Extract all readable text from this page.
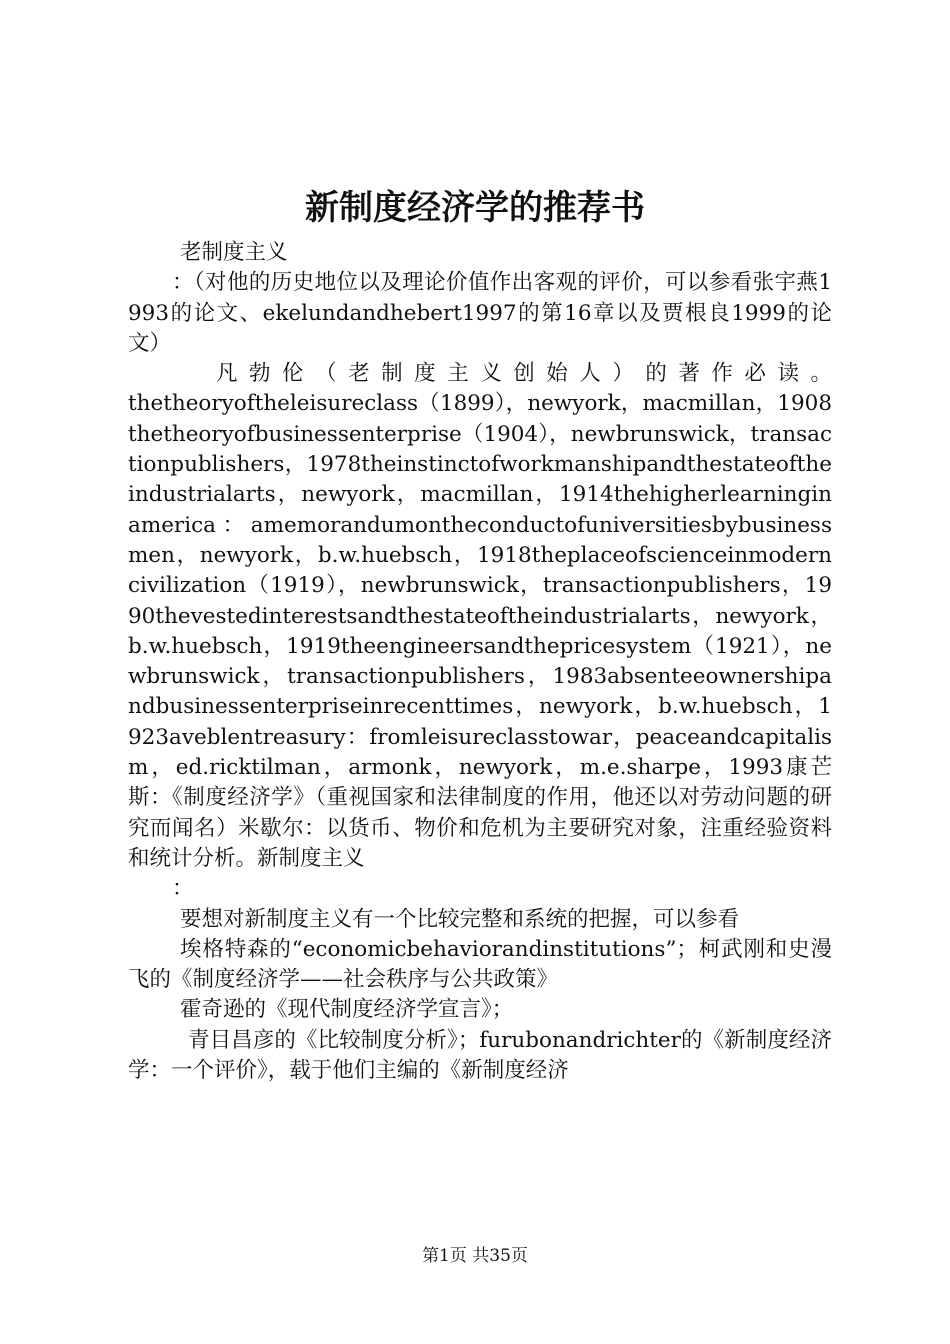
新制度经济学的推荐书

老制度主义

：（对他的历史地位以及理论价值作出客观的评价，可以参看张宇燕1993的论文、ekelundandhebert1997的第16章以及贾根良1999的论文）

凡勃伦（老制度主义创始人）的著作必读。

thetheoryoftheleisureclass（1899），newyork，macmillan，1908thetheoryofbusinessenterprise（1904），newbrunswick，transactionpublishers，1978theinstinctofworkmanshipandthestateoftheindustrialarts，newyork，macmillan，1914thehigherlearninginamerica：amemorandumontheconductofuniversitiesbybusinessmen，newyork，b.w.huebsch，1918theplaceofscienceinmoderncivilization（1919），newbrunswick，transactionpublishers，1990thevestedinterestsandthestateoftheindustrialarts，newyork，b.w.huebsch，1919theengineersandthepricesystem（1921），newbrunswick，transactionpublishers，1983absenteeownershipandbusinessenterpriseinrecenttimes，newyork，b.w.huebsch，1923aveblentreasury：fromleisureclasstowar，peaceandcapitalism，ed.ricktilman，armonk，newyork，m.e.sharpe，1993康芒斯：《制度经济学》（重视国家和法律制度的作用，他还以对劳动问题的研究而闻名）米歇尔：以货币、物价和危机为主要研究对象，注重经验资料和统计分析。新制度主义

：

要想对新制度主义有一个比较完整和系统的把握，可以参看

埃格特森的“economicbehaviorandinstitutions”；柯武刚和史漫飞的《制度经济学——社会秩序与公共政策》

霍奇逊的《现代制度经济学宣言》；

青目昌彦的《比较制度分析》；furubonandrichter的《新制度经济学：一个评价》，载于他们主编的《新制度经济

第1页 共35页
